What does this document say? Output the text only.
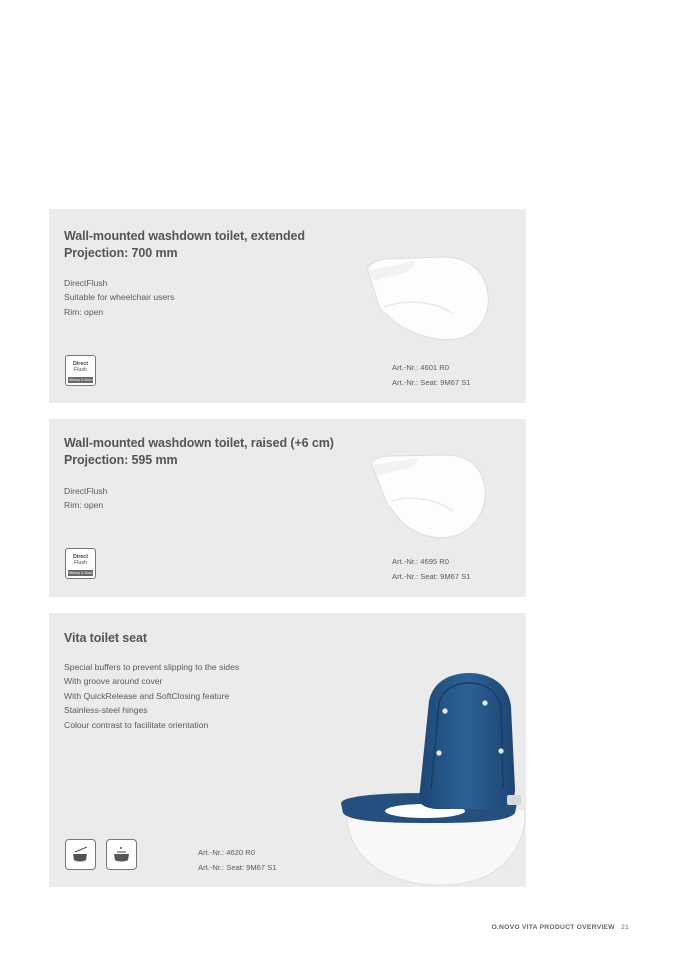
Wall-mounted washdown toilet, extended
Projection: 700 mm
DirectFlush
Suitable for wheelchair users
Rim: open
Direct
Flush
Villeroy & Boch
Art.-Nr.: 4601 R0
Art.-Nr.: Seat: 9M67 S1
Wall-mounted washdown toilet, raised (+6 cm)
Projection: 595 mm
DirectFlush
Rim: open
Direct
Flush
Villeroy & Boch
Art.-Nr.: 4695 R0
Art.-Nr.: Seat: 9M67 S1
Vita toilet seat
Special buffers to prevent slipping to the sides
With groove around cover
With QuickRelease and SoftClosing feature
Stainless-steel hinges
Colour contrast to facilitate orientation
Art.-Nr.: 4620 R0
Art.-Nr.: Seat: 9M67 S1
O.NOVO VITA PRODUCT OVERVIEW 21
